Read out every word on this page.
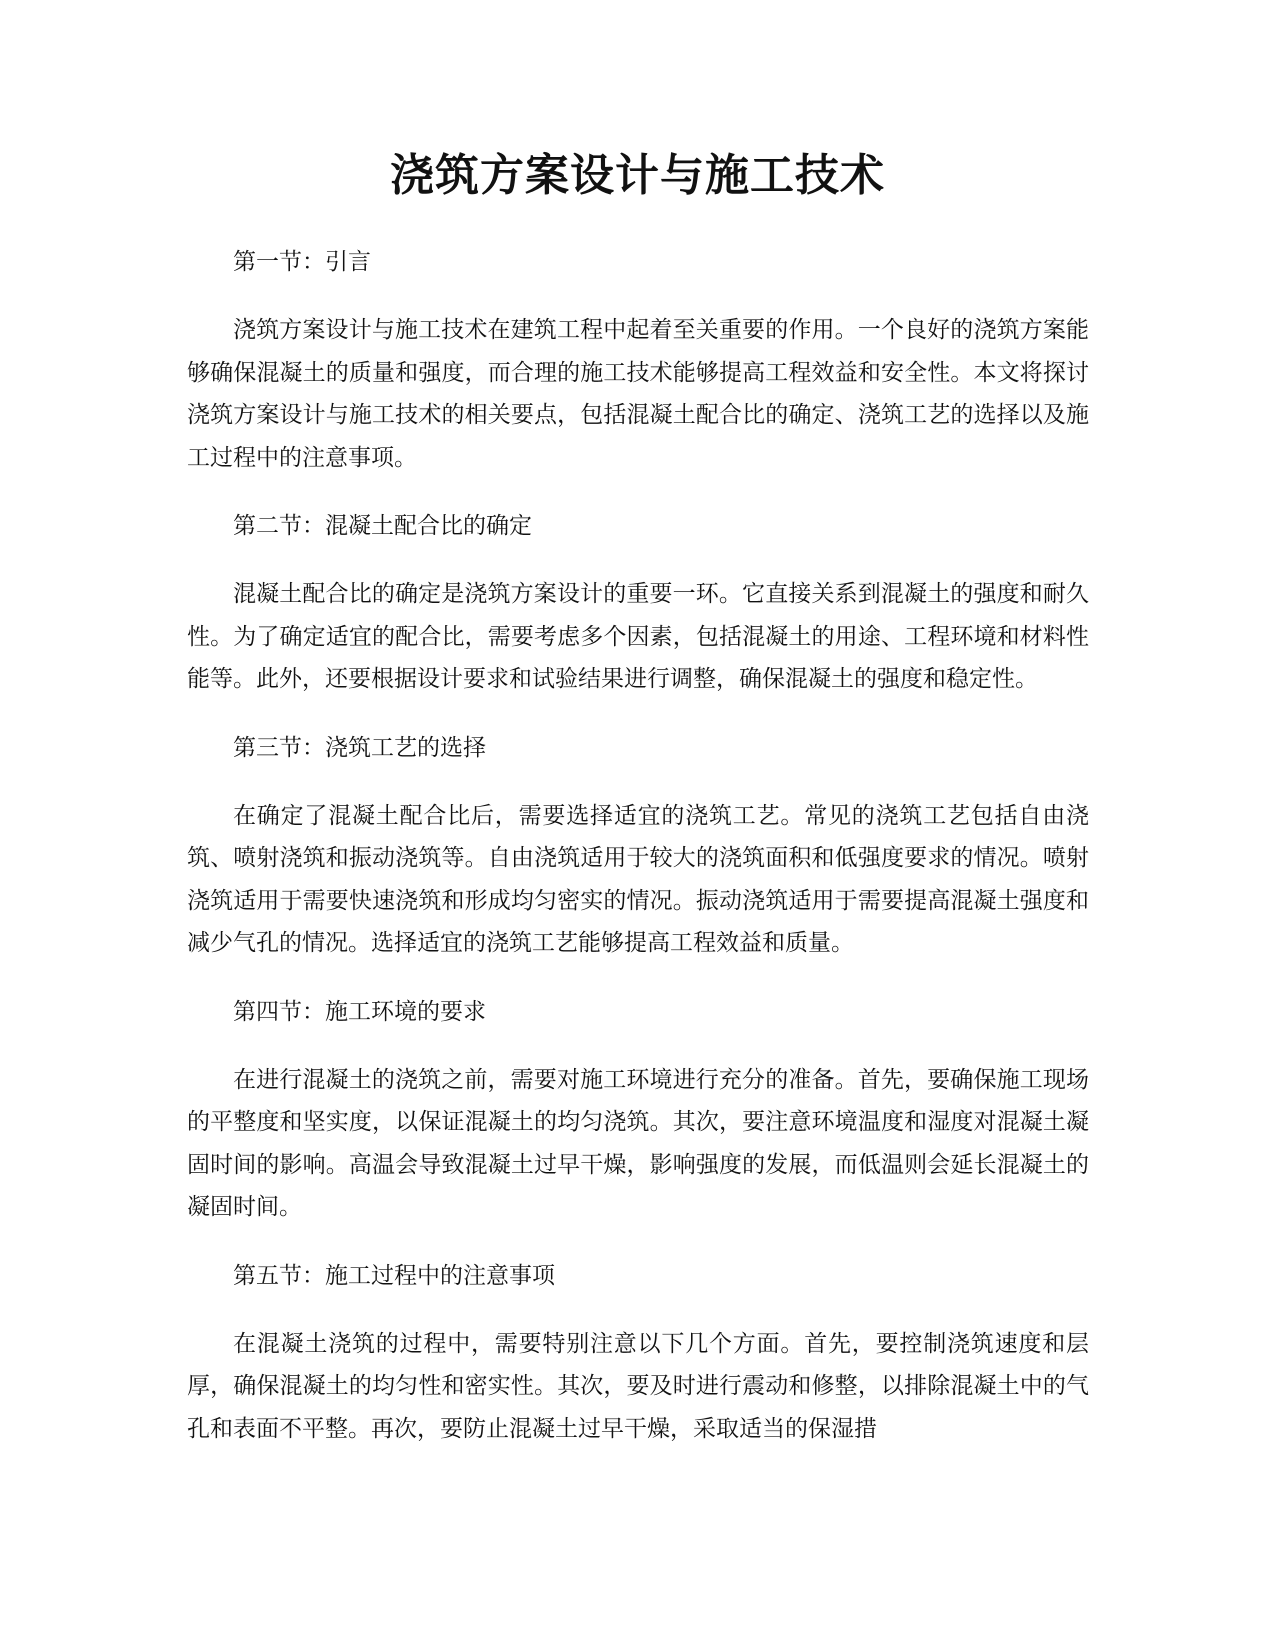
浇筑方案设计与施工技术

第一节：引言

浇筑方案设计与施工技术在建筑工程中起着至关重要的作用。一个良好的浇筑方案能够确保混凝土的质量和强度，而合理的施工技术能够提高工程效益和安全性。本文将探讨浇筑方案设计与施工技术的相关要点，包括混凝土配合比的确定、浇筑工艺的选择以及施工过程中的注意事项。

第二节：混凝土配合比的确定

混凝土配合比的确定是浇筑方案设计的重要一环。它直接关系到混凝土的强度和耐久性。为了确定适宜的配合比，需要考虑多个因素，包括混凝土的用途、工程环境和材料性能等。此外，还要根据设计要求和试验结果进行调整，确保混凝土的强度和稳定性。

第三节：浇筑工艺的选择

在确定了混凝土配合比后，需要选择适宜的浇筑工艺。常见的浇筑工艺包括自由浇筑、喷射浇筑和振动浇筑等。自由浇筑适用于较大的浇筑面积和低强度要求的情况。喷射浇筑适用于需要快速浇筑和形成均匀密实的情况。振动浇筑适用于需要提高混凝土强度和减少气孔的情况。选择适宜的浇筑工艺能够提高工程效益和质量。

第四节：施工环境的要求

在进行混凝土的浇筑之前，需要对施工环境进行充分的准备。首先，要确保施工现场的平整度和坚实度，以保证混凝土的均匀浇筑。其次，要注意环境温度和湿度对混凝土凝固时间的影响。高温会导致混凝土过早干燥，影响强度的发展，而低温则会延长混凝土的凝固时间。

第五节：施工过程中的注意事项

在混凝土浇筑的过程中，需要特别注意以下几个方面。首先，要控制浇筑速度和层厚，确保混凝土的均匀性和密实性。其次，要及时进行震动和修整，以排除混凝土中的气孔和表面不平整。再次，要防止混凝土过早干燥，采取适当的保湿措
